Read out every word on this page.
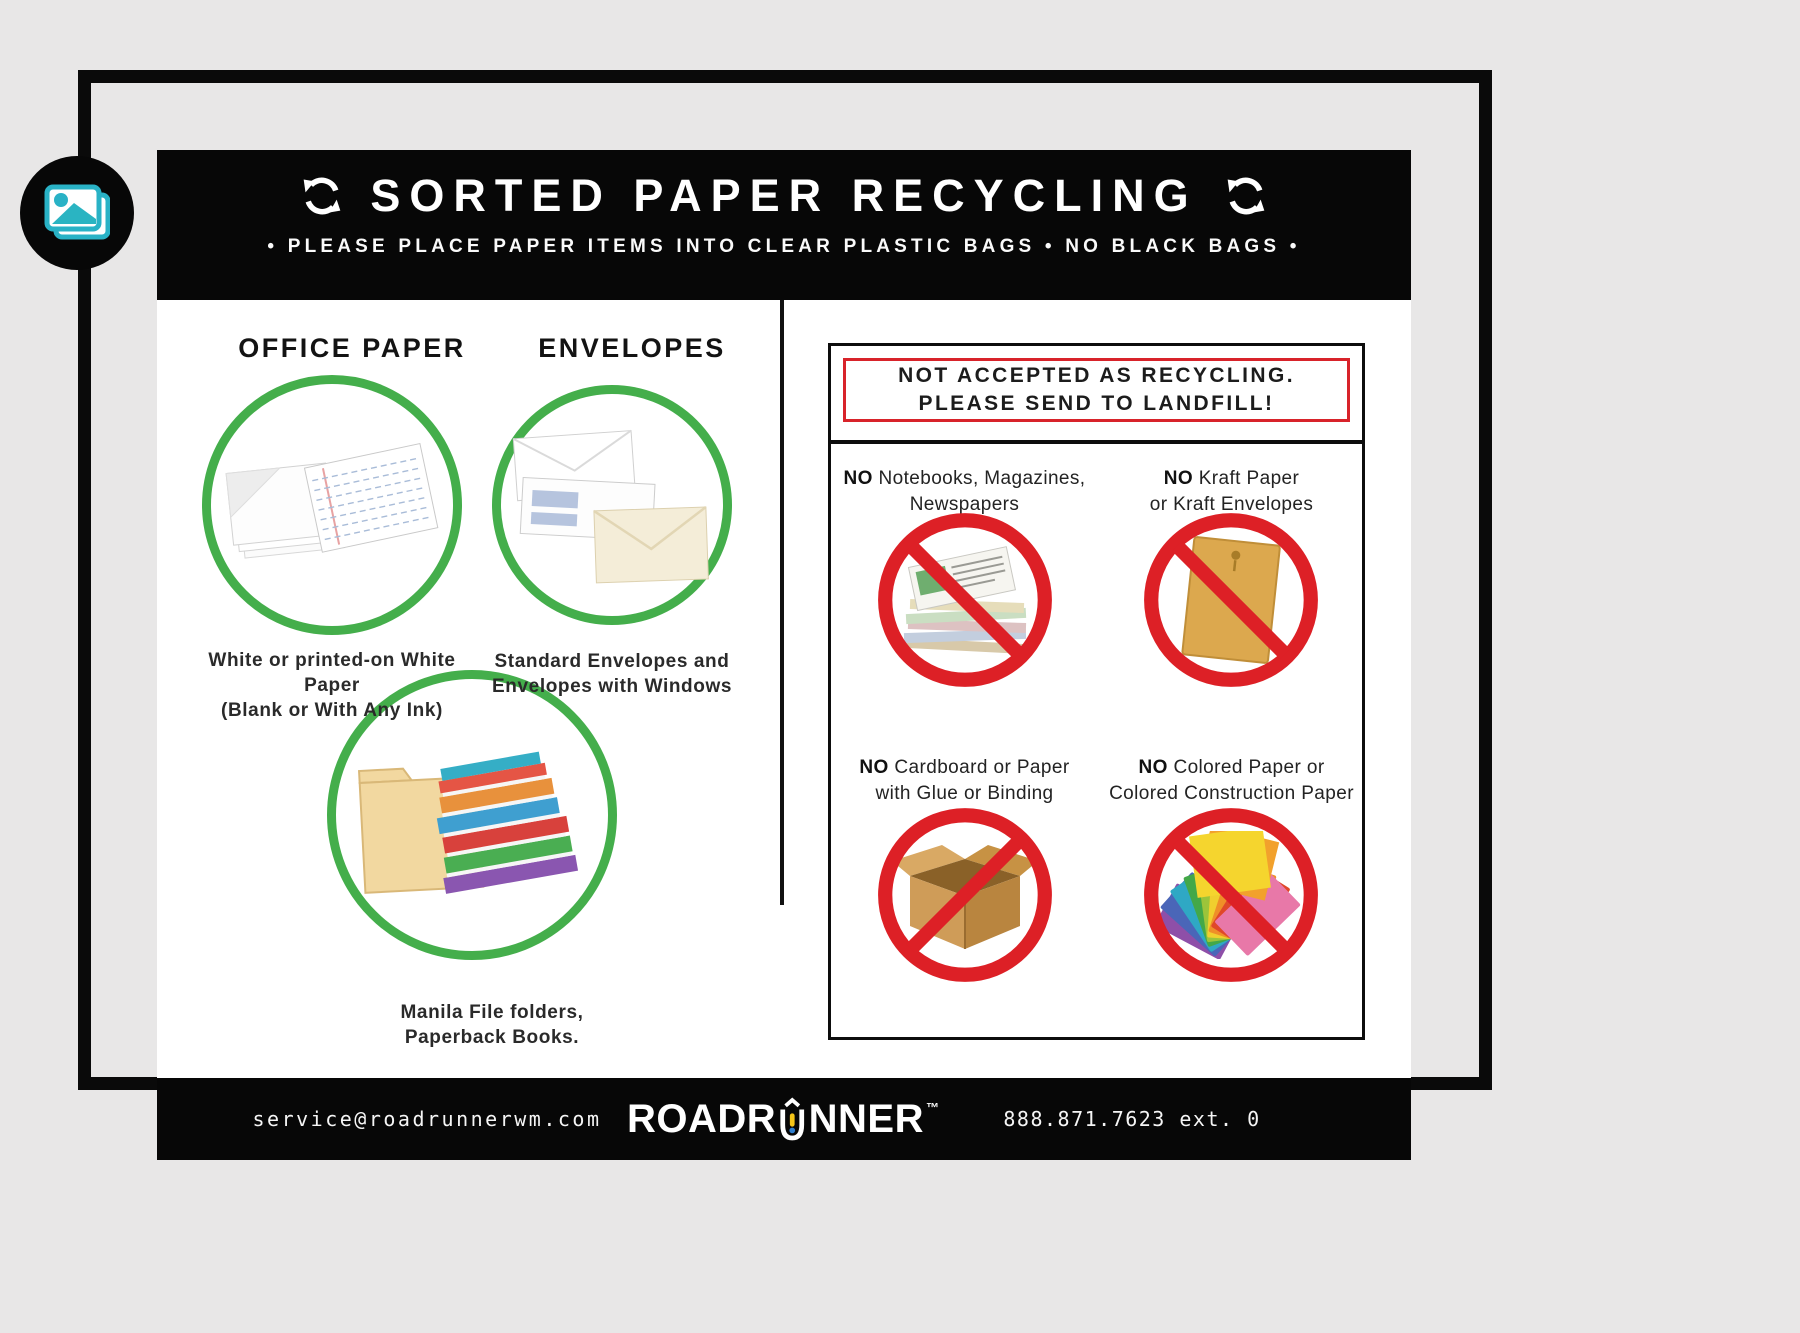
SORTED PAPER RECYCLING
• PLEASE PLACE PAPER ITEMS INTO CLEAR PLASTIC BAGS • NO BLACK BAGS •
OFFICE PAPER	ENVELOPES

White or printed-on White Paper
(Blank or With Any Ink)

Standard Envelopes and
Envelopes with Windows

Manila File folders,
Paperback Books.

NOT ACCEPTED AS RECYCLING.
PLEASE SEND TO LANDFILL!
NO Notebooks, Magazines,
Newspapers
NO Kraft Paper
or Kraft Envelopes
NO Cardboard or Paper
with Glue or Binding
NO Colored Paper or
Colored Construction Paper
service@roadrunnerwm.com ROADR NNER ™	888.871.7623 ext. 0
